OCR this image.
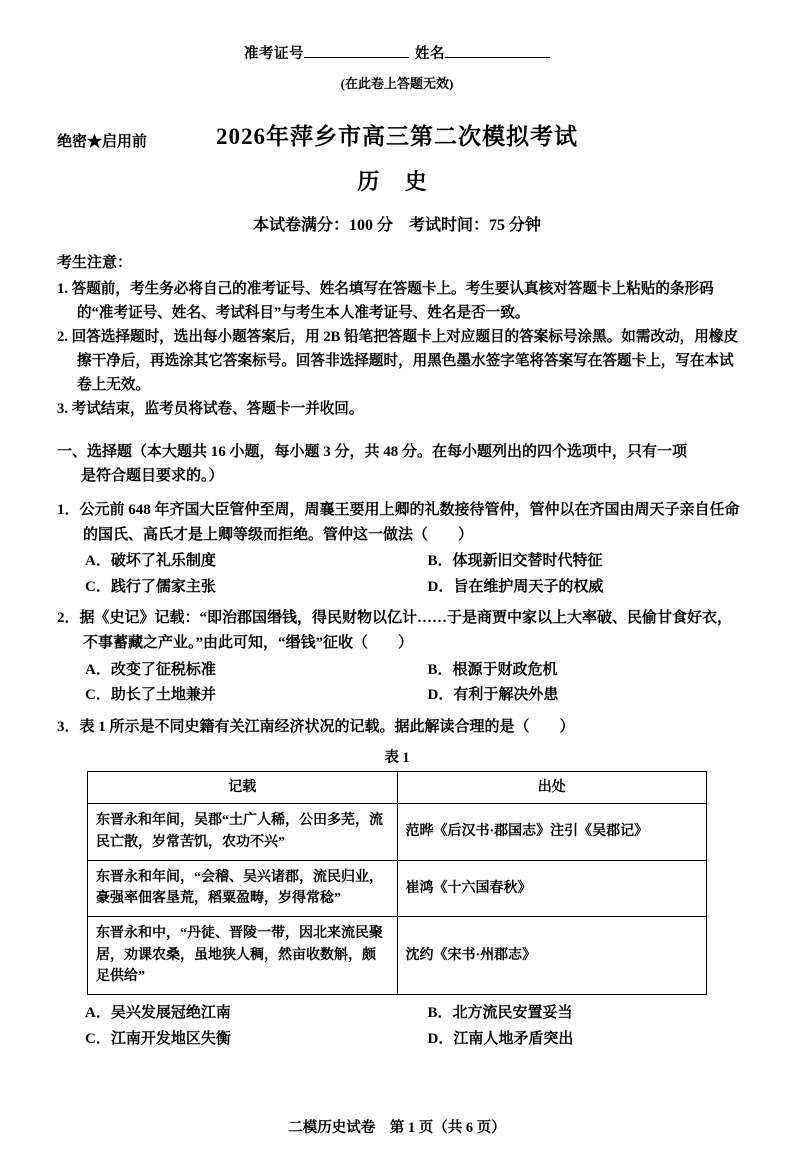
准考证号	姓名
(在此卷上答题无效)
绝密★启用前	2026年萍乡市高三第二次模拟考试
历 史
本试卷满分：100 分　考试时间：75 分钟
考生注意：
1. 答题前，考生务必将自己的准考证号、姓名填写在答题卡上。考生要认真核对答题卡上粘贴的条形码的“准考证号、姓名、考试科目”与考生本人准考证号、姓名是否一致。
2. 回答选择题时，选出每小题答案后，用 2B 铅笔把答题卡上对应题目的答案标号涂黑。如需改动，用橡皮擦干净后，再选涂其它答案标号。回答非选择题时，用黑色墨水签字笔将答案写在答题卡上，写在本试卷上无效。
3. 考试结束，监考员将试卷、答题卡一并收回。
一、选择题（本大题共 16 小题，每小题 3 分，共 48 分。在每小题列出的四个选项中，只有一项
是符合题目要求的。）
1．公元前 648 年齐国大臣管仲至周，周襄王要用上卿的礼数接待管仲，管仲以在齐国由周天子亲自任命的国氏、高氏才是上卿等级而拒绝。管仲这一做法（　　）
A．破坏了礼乐制度	B．体现新旧交替时代特征
C．践行了儒家主张	D．旨在维护周天子的权威
2．据《史记》记载：“即治郡国缗钱，得民财物以亿计……于是商贾中家以上大率破、民偷甘食好衣，不事蓄藏之产业。”由此可知，“缗钱”征收（　　）
A．改变了征税标准	B．根源于财政危机
C．助长了土地兼并	D．有利于解决外患
3．表 1 所示是不同史籍有关江南经济状况的记载。据此解读合理的是（　　）
表 1
记载	出处
东晋永和年间，吴郡“土广人稀，公田多芜，流民亡散，岁常苦饥，农功不兴”	范晔《后汉书·郡国志》注引《吴郡记》
东晋永和年间，“会稽、吴兴诸郡，流民归业，豪强率佃客垦荒，稻粟盈畴，岁得常稔”	崔鸿《十六国春秋》
东晋永和中，“丹徒、晋陵一带，因北来流民聚居，劝课农桑，虽地狭人稠，然亩收数斛，颇足供给”	沈约《宋书·州郡志》
A．吴兴发展冠绝江南	B．北方流民安置妥当
C．江南开发地区失衡	D．江南人地矛盾突出
二模历史试卷　第 1 页（共 6 页）
